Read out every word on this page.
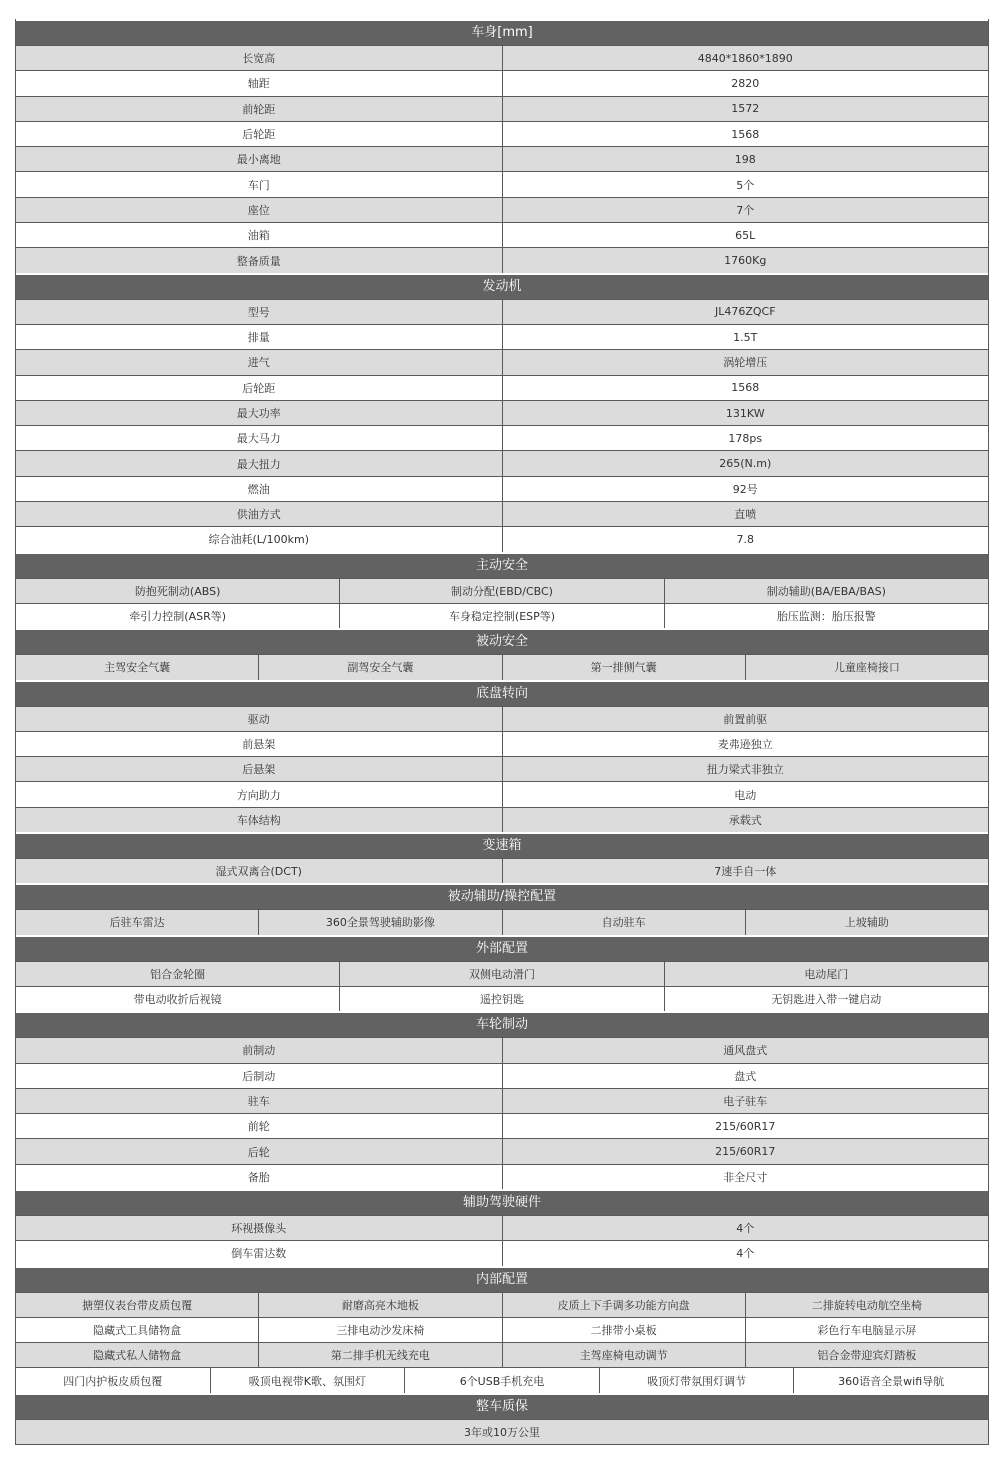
车身[mm]
长宽高	4840*1860*1890
轴距	2820
前轮距	1572
后轮距	1568
最小离地	198
车门	5个
座位	7个
油箱	65L
整备质量	1760Kg
发动机
型号	JL476ZQCF
排量	1.5T
进气	涡轮增压
后轮距	1568
最大功率	131KW
最大马力	178ps
最大扭力	265(N.m)
燃油	92号
供油方式	直喷
综合油耗(L/100km)	7.8
主动安全
防抱死制动(ABS)	制动分配(EBD/CBC)	制动辅助(BA/EBA/BAS)
牵引力控制(ASR等)	车身稳定控制(ESP等)	胎压监测：胎压报警
被动安全
主驾安全气囊	副驾安全气囊	第一排侧气囊	儿童座椅接口
底盘转向
驱动	前置前驱
前悬架	麦弗逊独立
后悬架	扭力梁式非独立
方向助力	电动
车体结构	承载式
变速箱
湿式双离合(DCT)	7速手自一体
被动辅助/操控配置
后驻车雷达	360全景驾驶辅助影像	自动驻车	上坡辅助
外部配置
铝合金轮圈	双侧电动滑门	电动尾门
带电动收折后视镜	遥控钥匙	无钥匙进入带一键启动
车轮制动
前制动	通风盘式
后制动	盘式
驻车	电子驻车
前轮	215/60R17
后轮	215/60R17
备胎	非全尺寸
辅助驾驶硬件
环视摄像头	4个
倒车雷达数	4个
内部配置
搪塑仪表台带皮质包覆	耐磨高亮木地板	皮质上下手调多功能方向盘	二排旋转电动航空坐椅
隐藏式工具储物盒	三排电动沙发床椅	二排带小桌板	彩色行车电脑显示屏
隐藏式私人储物盒	第二排手机无线充电	主驾座椅电动调节	铝合金带迎宾灯踏板
四门内护板皮质包覆	吸顶电视带K歌、氛围灯	6个USB手机充电	吸顶灯带氛围灯调节	360语音全景wifi导航
整车质保
3年或10万公里
